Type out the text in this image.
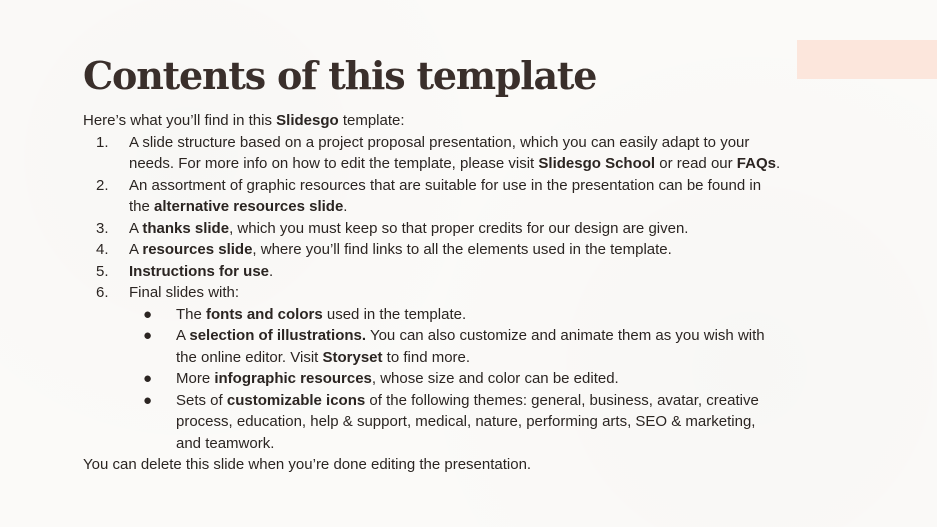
Contents of this template
Here’s what you’ll find in this Slidesgo template:
1. A slide structure based on a project proposal presentation, which you can easily adapt to your
needs. For more info on how to edit the template, please visit Slidesgo School or read our FAQs.
2. An assortment of graphic resources that are suitable for use in the presentation can be found in
the alternative resources slide.
3. A thanks slide, which you must keep so that proper credits for our design are given.
4. A resources slide, where you’ll find links to all the elements used in the template.
5. Instructions for use.
6. Final slides with:
● The fonts and colors used in the template.
● A selection of illustrations. You can also customize and animate them as you wish with
the online editor. Visit Storyset to find more.
● More infographic resources, whose size and color can be edited.
● Sets of customizable icons of the following themes: general, business, avatar, creative
process, education, help & support, medical, nature, performing arts, SEO & marketing,
and teamwork.
You can delete this slide when you’re done editing the presentation.
